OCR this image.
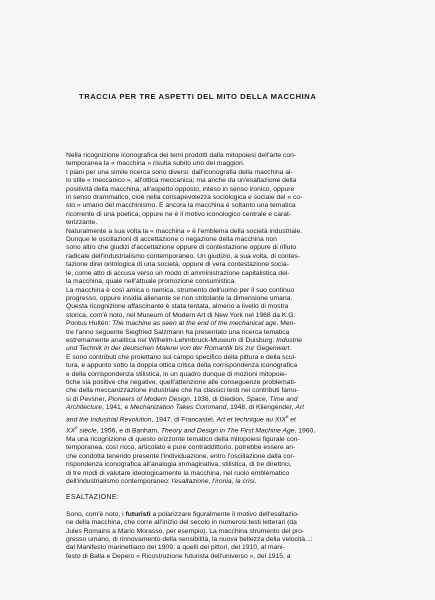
TRACCIA PER TRE ASPETTI DEL MITO DELLA MACCHINA
Nella ricognizione iconografica dei temi prodotti dalla mitopoiesi dell'arte con-
temporanea la « macchina » risulta subito uno dei maggiori.
I piani per una simile ricerca sono diversi: dall'iconografia della macchina al-
lo stile « meccanico », all'ottica meccanica; ma anche da un'esaltazione della
positività della macchina, all'aspetto opposto, inteso in senso ironico, oppure
in senso drammatico, cioè nella consapevolezza sociologica e sociale del « co-
sto » umano del macchinismo. E ancora la macchina è soltanto una tematica
ricorrente di una poetica, oppure ne è il motivo iconologico centrale e carat-
terizzante.
Naturalmente a sua volta la « macchina » è l'emblema della società industriale.
Dunque le oscillazioni di accettazione o negazione della macchina non
sono altro che giudizi d'accettazione oppure di contestazione oppure di rifiuto
radicale dell'industrialismo contemporaneo. Un giudizio, a sua volta, di contes-
tazione direi ontologica di una società, oppure di vera contestazione socia-
le, come atto di accusa verso un modo di amministrazione capitalistica del-
la macchina, quale nell'attuale promozione consumistica.
La macchina è così amica o nemica, strumento dell'uomo per il suo continuo
progresso, oppure insidia alienante se non stritolante la dimensione umana.
Questa ricognizione affascinante è stata tentata, almeno a livello di mostra
storica, com'è noto, nel Museum of Modern Art di New York nel 1968 da K.G.
Pontus Hultén: The machine as seen at the end of the mechanical age. Men-
tre l'anno seguente Siegfried Salzmann ha presentato una ricerca tematica
estremamente analitica nel Wilhelm-Lehmbruck-Museum di Duisburg: Industrie
und Technik in der deutschen Malerei von der Romantik bis zur Gegenwart.
E sono contributi che proiettano sul campo specifico della pittura e della scul-
tura, e appunto sotto la doppia ottica critica della corrispondenza iconografica
e della corrispondenza stilistica, in un quadro dunque di mozioni mitopoie-
tiche sia positive che negative, quell'attenzione alle conseguenze problemati-
che della meccanizzazione industriale che ha classici testi nei contributi famo-
si di Pevsner, Pioneers of Modern Design, 1936, di Giedion, Space, Time and
Architecture, 1941, e Mechanization Takes Command, 1948, di Kliengender, Art
and the Industrial Revolution, 1947, di Francastel, Art et technique au XIXe et
XXe siècle, 1956, e di Banham, Theory and Design in The First Machine Age, 1960.
Ma una ricognizione di questo orizzonte tematico della mitopoiesi figurale con-
temporanea, così ricco, articolato e pure contraddittorio, potrebbe essere an-
che condotta tenendo presente l'individuazione, entro l'oscillazione dalla cor-
rispondenza iconografica all'analogia immaginativa, stilistica, di tre direttrici,
di tre modi di valutare ideologicamente la macchina, nel ruolo emblematico
dell'industrialismo contemporaneo: l'esaltazione, l'ironia, la crisi.
ESALTAZIONE:
Sono, com'è noto, i futuristi a polarizzare figuralmente il motivo dell'esaltazio-
ne della macchina, che corre all'inizio del secolo in numerosi testi letterari (da
Jules Romains a Mario Morasso, per esempio). La macchina strumento del pro-
gresso umano, di rinnovamento della sensibilità, la nuova bellezza della velocità...:
dal Manifesto marinettiano del 1909, a quelli dei pittori, del 1910, al mani-
festo di Balla e Depero « Ricostruzione futurista dell'universo », del 1915, a
